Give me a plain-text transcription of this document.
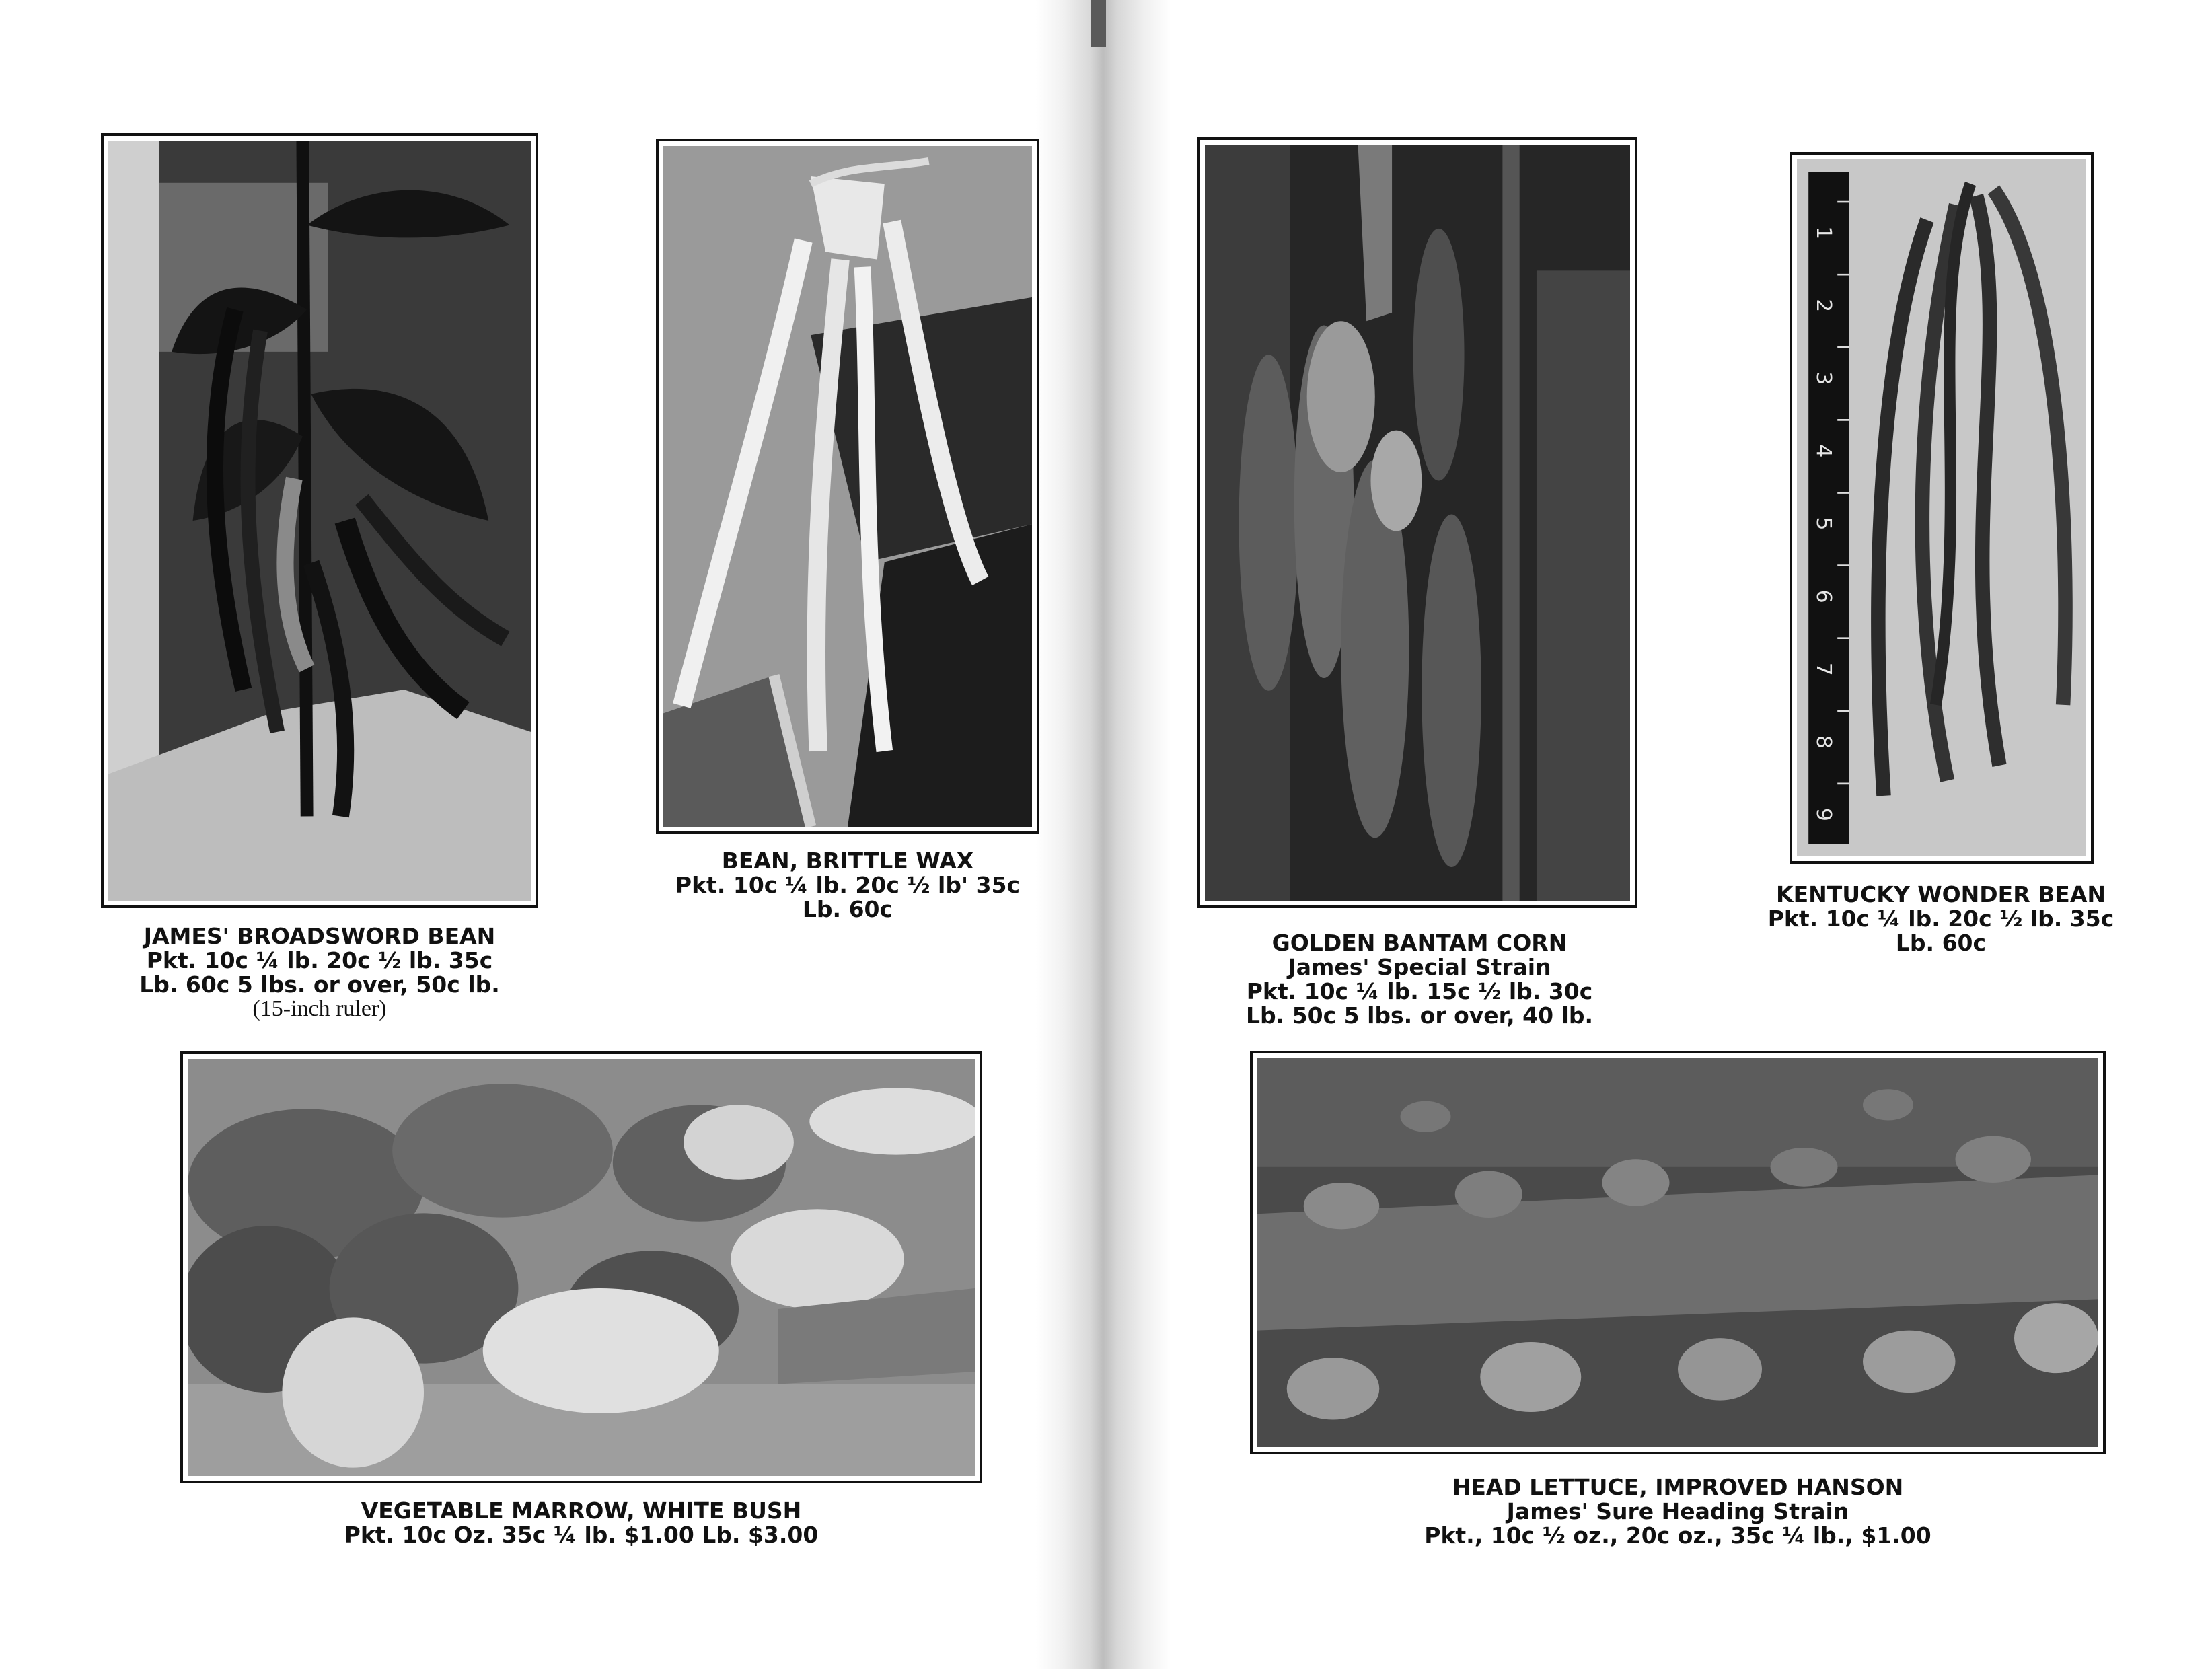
JAMES' BROADSWORD BEAN
Pkt. 10c ¼ lb. 20c ½ lb. 35c
Lb. 60c 5 lbs. or over, 50c lb.
(15-inch ruler)
BEAN, BRITTLE WAX
Pkt. 10c ¼ lb. 20c ½ lb' 35c
Lb. 60c
VEGETABLE MARROW, WHITE BUSH
Pkt. 10c Oz. 35c ¼ lb. $1.00 Lb. $3.00
GOLDEN BANTAM CORN
James' Special Strain
Pkt. 10c ¼ lb. 15c ½ lb. 30c
Lb. 50c 5 lbs. or over, 40 lb.
1
2
3
4
5
6
7
8
9
KENTUCKY WONDER BEAN
Pkt. 10c ¼ lb. 20c ½ lb. 35c
Lb. 60c
HEAD LETTUCE, IMPROVED HANSON
James' Sure Heading Strain
Pkt., 10c ½ oz., 20c oz., 35c ¼ lb., $1.00
